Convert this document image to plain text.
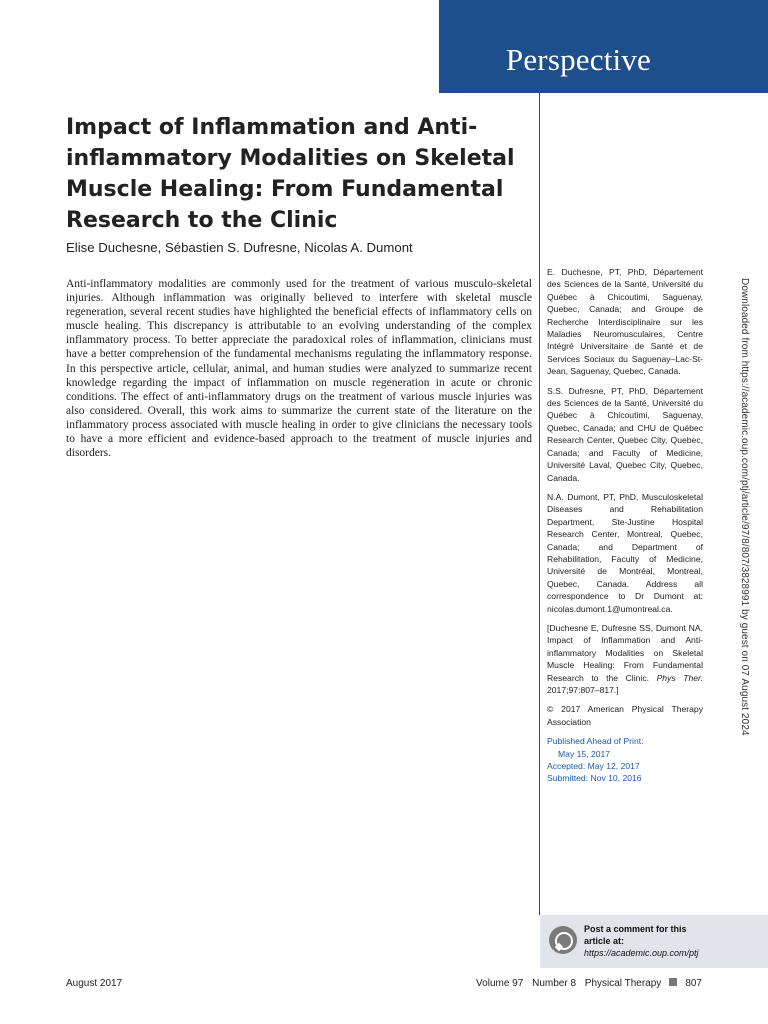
Perspective
Impact of Inflammation and Anti-inflammatory Modalities on Skeletal Muscle Healing: From Fundamental Research to the Clinic
Elise Duchesne, Sébastien S. Dufresne, Nicolas A. Dumont

Anti-inflammatory modalities are commonly used for the treatment of various musculo-skeletal injuries. Although inflammation was originally believed to interfere with skeletal muscle regeneration, several recent studies have highlighted the beneficial effects of inflammatory cells on muscle healing. This discrepancy is attributable to an evolving understanding of the complex inflammatory process. To better appreciate the paradoxical roles of inflammation, clinicians must have a better comprehension of the fundamental mechanisms regulating the inflammatory response. In this perspective article, cellular, animal, and human studies were analyzed to summarize recent knowledge regarding the impact of inflammation on muscle regeneration in acute or chronic conditions. The effect of anti-inflammatory drugs on the treatment of various muscle injuries was also considered. Overall, this work aims to summarize the current state of the literature on the inflammatory process associated with muscle healing in order to give clinicians the necessary tools to have a more efficient and evidence-based approach to the treatment of muscle injuries and disorders.

E. Duchesne, PT, PhD, Département des Sciences de la Santé, Université du Québec à Chicoutimi, Saguenay, Quebec, Canada; and Groupe de Recherche Interdisciplinaire sur les Maladies Neuromusculaires, Centre Intégré Universitaire de Santé et de Services Sociaux du Saguenay–Lac-St-Jean, Saguenay, Quebec, Canada.

S.S. Dufresne, PT, PhD, Département des Sciences de la Santé, Université du Québec à Chicoutimi, Saguenay, Quebec, Canada; and CHU de Québec Research Center, Quebec City, Quebec, Canada; and Faculty of Medicine, Université Laval, Quebec City, Quebec, Canada.

N.A. Dumont, PT, PhD, Musculoskeletal Diseases and Rehabilitation Department, Ste-Justine Hospital Research Center, Montreal, Quebec, Canada; and Department of Rehabilitation, Faculty of Medicine, Université de Montréal, Montreal, Quebec, Canada. Address all correspondence to Dr Dumont at: nicolas.dumont.1@umontreal.ca.

[Duchesne E, Dufresne SS, Dumont NA. Impact of Inflammation and Anti-inflammatory Modalities on Skeletal Muscle Healing: From Fundamental Research to the Clinic. Phys Ther. 2017;97:807–817.]

© 2017 American Physical Therapy Association

Published Ahead of Print:
May 15, 2017
Accepted: May 12, 2017
Submitted: Nov 10, 2016
Post a comment for this article at:
https://academic.oup.com/ptj
August 2017	Volume 97 Number 8 Physical Therapy 807
Downloaded from https://academic.oup.com/ptj/article/97/8/807/3828991 by guest on 07 August 2024
